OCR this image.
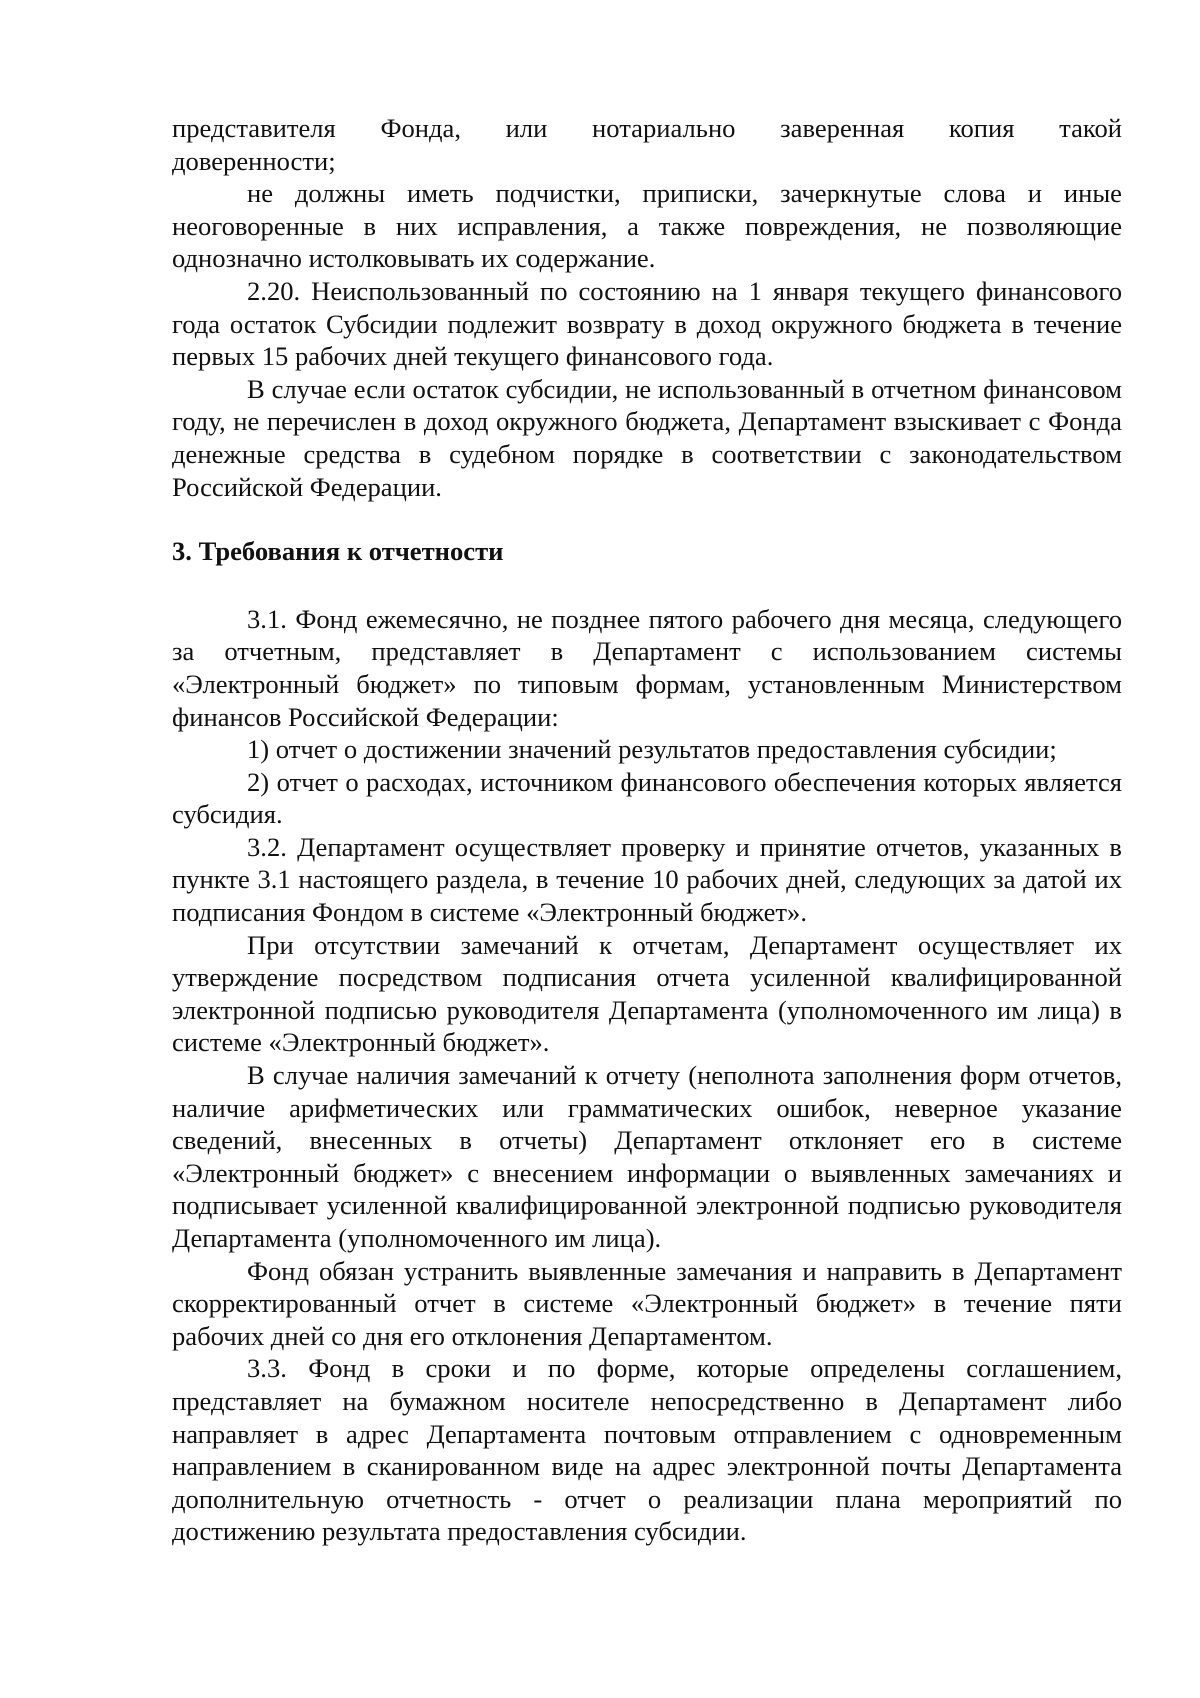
представителя Фонда, или нотариально заверенная копия такой
доверенности;
не должны иметь подчистки, приписки, зачеркнутые слова и иные неоговоренные в них исправления, а также повреждения, не позволяющие однозначно истолковывать их содержание.
2.20. Неиспользованный по состоянию на 1 января текущего финансового года остаток Субсидии подлежит возврату в доход окружного бюджета в течение первых 15 рабочих дней текущего финансового года.
В случае если остаток субсидии, не использованный в отчетном финансовом году, не перечислен в доход окружного бюджета, Департамент взыскивает с Фонда денежные средства в судебном порядке в соответствии с законодательством Российской Федерации.
3. Требования к отчетности
3.1. Фонд ежемесячно, не позднее пятого рабочего дня месяца, следующего за отчетным, представляет в Департамент с использованием системы «Электронный бюджет» по типовым формам, установленным Министерством финансов Российской Федерации:
1) отчет о достижении значений результатов предоставления субсидии;
2) отчет о расходах, источником финансового обеспечения которых является субсидия.
3.2. Департамент осуществляет проверку и принятие отчетов, указанных в пункте 3.1 настоящего раздела, в течение 10 рабочих дней, следующих за датой их подписания Фондом в системе «Электронный бюджет».
При отсутствии замечаний к отчетам, Департамент осуществляет их утверждение посредством подписания отчета усиленной квалифицированной электронной подписью руководителя Департамента (уполномоченного им лица) в системе «Электронный бюджет».
В случае наличия замечаний к отчету (неполнота заполнения форм отчетов, наличие арифметических или грамматических ошибок, неверное указание сведений, внесенных в отчеты) Департамент отклоняет его в системе «Электронный бюджет» с внесением информации о выявленных замечаниях и подписывает усиленной квалифицированной электронной подписью руководителя Департамента (уполномоченного им лица).
Фонд обязан устранить выявленные замечания и направить в Департамент скорректированный отчет в системе «Электронный бюджет» в течение пяти рабочих дней со дня его отклонения Департаментом.
3.3. Фонд в сроки и по форме, которые определены соглашением, представляет на бумажном носителе непосредственно в Департамент либо направляет в адрес Департамента почтовым отправлением с одновременным направлением в сканированном виде на адрес электронной почты Департамента дополнительную отчетность - отчет о реализации плана мероприятий по достижению результата предоставления субсидии.
